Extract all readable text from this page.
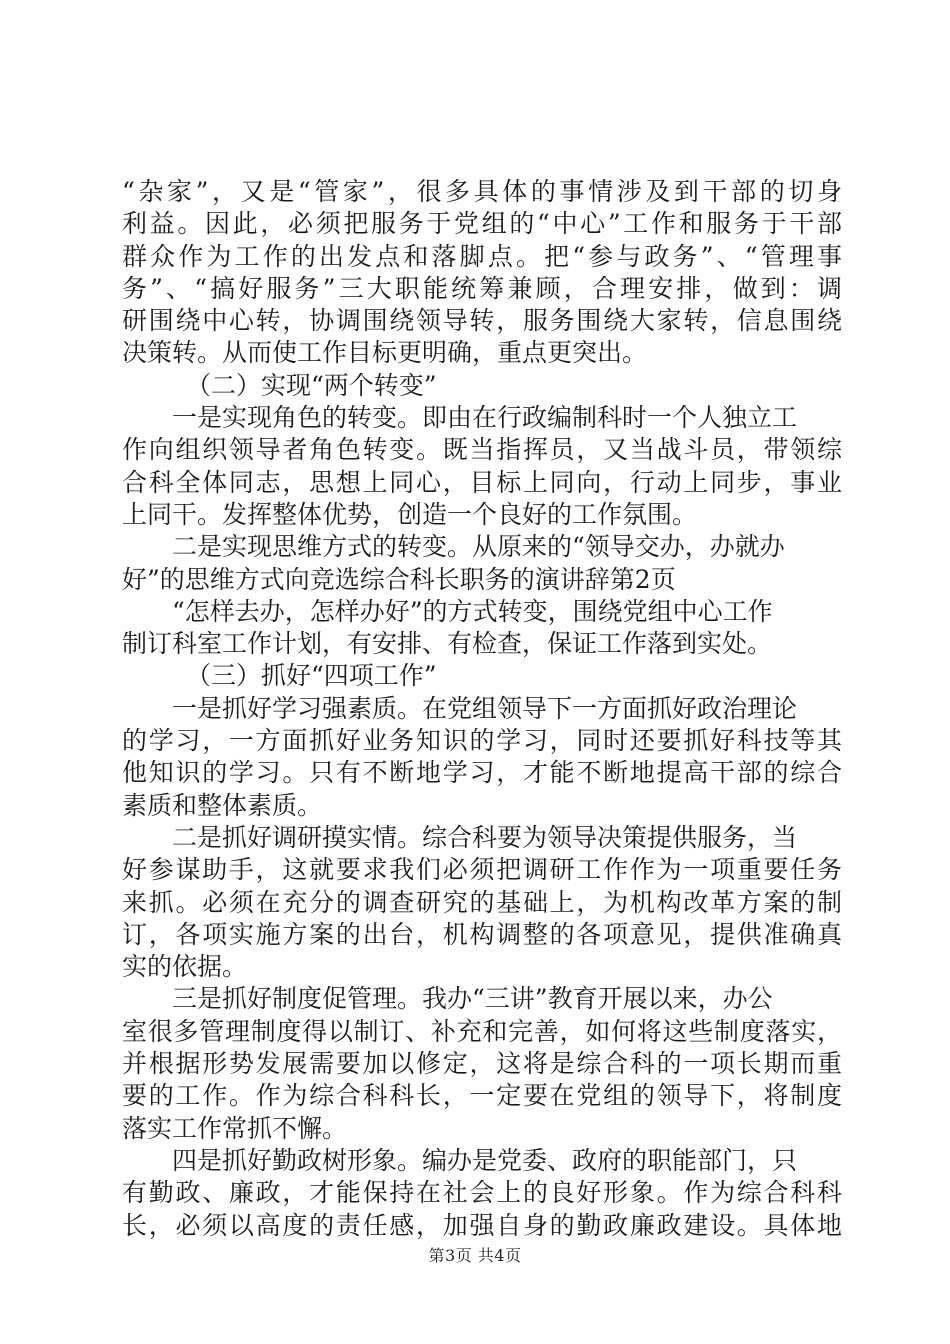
“杂家”，又是“管家”，很多具体的事情涉及到干部的切身
利益。因此，必须把服务于党组的“中心”工作和服务于干部
群众作为工作的出发点和落脚点。把“参与政务”、“管理事
务”、“搞好服务”三大职能统筹兼顾，合理安排，做到：调
研围绕中心转，协调围绕领导转，服务围绕大家转，信息围绕
决策转。从而使工作目标更明确，重点更突出。
（二）实现“两个转变”
一是实现角色的转变。即由在行政编制科时一个人独立工
作向组织领导者角色转变。既当指挥员，又当战斗员，带领综
合科全体同志，思想上同心，目标上同向，行动上同步，事业
上同干。发挥整体优势，创造一个良好的工作氛围。
二是实现思维方式的转变。从原来的“领导交办，办就办
好”的思维方式向竞选综合科长职务的演讲辞第2页
“怎样去办，怎样办好”的方式转变，围绕党组中心工作
制订科室工作计划，有安排、有检查，保证工作落到实处。
（三）抓好“四项工作”
一是抓好学习强素质。在党组领导下一方面抓好政治理论
的学习，一方面抓好业务知识的学习，同时还要抓好科技等其
他知识的学习。只有不断地学习，才能不断地提高干部的综合
素质和整体素质。
二是抓好调研摸实情。综合科要为领导决策提供服务，当
好参谋助手，这就要求我们必须把调研工作作为一项重要任务
来抓。必须在充分的调查研究的基础上，为机构改革方案的制
订，各项实施方案的出台，机构调整的各项意见，提供准确真
实的依据。
三是抓好制度促管理。我办“三讲”教育开展以来，办公
室很多管理制度得以制订、补充和完善，如何将这些制度落实，
并根据形势发展需要加以修定，这将是综合科的一项长期而重
要的工作。作为综合科科长，一定要在党组的领导下，将制度
落实工作常抓不懈。
四是抓好勤政树形象。编办是党委、政府的职能部门，只
有勤政、廉政，才能保持在社会上的良好形象。作为综合科科
长，必须以高度的责任感，加强自身的勤政廉政建设。具体地
第3页 共4页
